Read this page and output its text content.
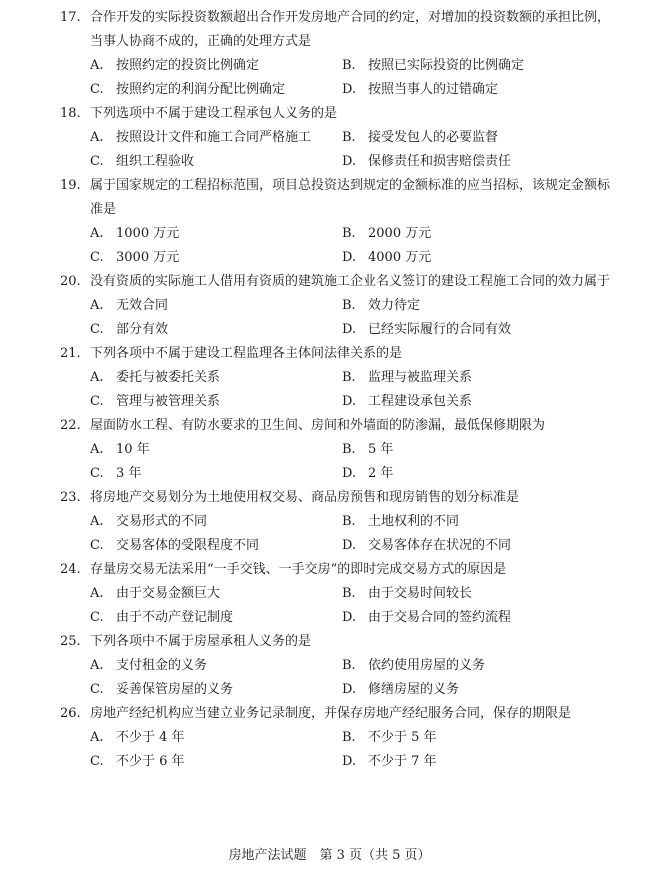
17. 合作开发的实际投资数额超出合作开发房地产合同的约定，对增加的投资数额的承担比例，当事人协商不成的，正确的处理方式是
A. 按照约定的投资比例确定	B. 按照已实际投资的比例确定
C. 按照约定的利润分配比例确定	D. 按照当事人的过错确定
18. 下列选项中不属于建设工程承包人义务的是
A. 按照设计文件和施工合同严格施工	B. 接受发包人的必要监督
C. 组织工程验收	D. 保修责任和损害赔偿责任
19. 属于国家规定的工程招标范围，项目总投资达到规定的金额标准的应当招标，该规定金额标准是
A. 1000 万元	B. 2000 万元
C. 3000 万元	D. 4000 万元
20. 没有资质的实际施工人借用有资质的建筑施工企业名义签订的建设工程施工合同的效力属于
A. 无效合同	B. 效力待定
C. 部分有效	D. 已经实际履行的合同有效
21. 下列各项中不属于建设工程监理各主体间法律关系的是
A. 委托与被委托关系	B. 监理与被监理关系
C. 管理与被管理关系	D. 工程建设承包关系
22. 屋面防水工程、有防水要求的卫生间、房间和外墙面的防渗漏，最低保修期限为
A. 10 年	B. 5 年
C. 3 年	D. 2 年
23. 将房地产交易划分为土地使用权交易、商品房预售和现房销售的划分标准是
A. 交易形式的不同	B. 土地权利的不同
C. 交易客体的受限程度不同	D. 交易客体存在状况的不同
24. 存量房交易无法采用“一手交钱、一手交房”的即时完成交易方式的原因是
A. 由于交易金额巨大	B. 由于交易时间较长
C. 由于不动产登记制度	D. 由于交易合同的签约流程
25. 下列各项中不属于房屋承租人义务的是
A. 支付租金的义务	B. 依约使用房屋的义务
C. 妥善保管房屋的义务	D. 修缮房屋的义务
26. 房地产经纪机构应当建立业务记录制度，并保存房地产经纪服务合同，保存的期限是
A. 不少于 4 年	B. 不少于 5 年
C. 不少于 6 年	D. 不少于 7 年
房地产法试题　第 3 页（共 5 页）
